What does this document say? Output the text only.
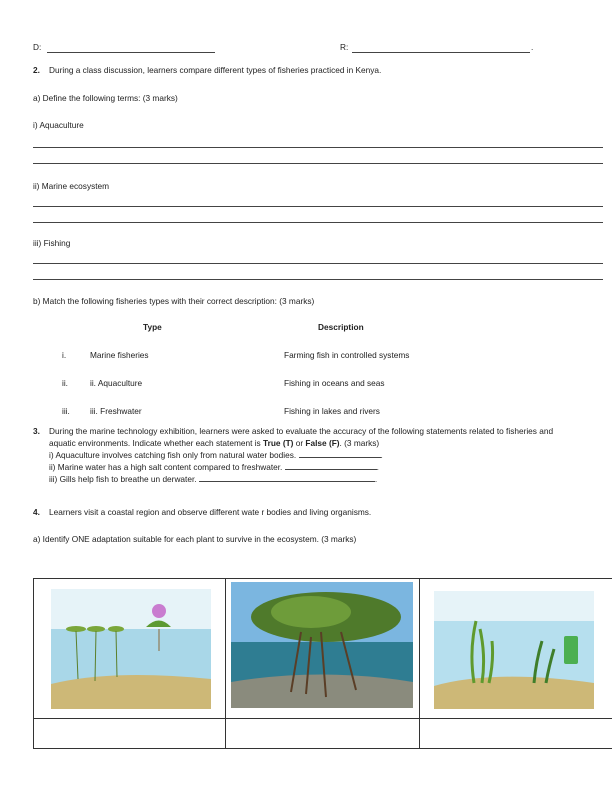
D:	R:	.
2. During a class discussion, learners compare different types of fisheries practiced in Kenya.
a) Define the following terms: (3 marks)
i) Aquaculture
ii) Marine ecosystem
iii) Fishing
b) Match the following fisheries types with their correct description: (3 marks)
Type	Description
i.	Marine fisheries	Farming fish in controlled systems
ii.	ii. Aquaculture	Fishing in oceans and seas
iii. iii. Freshwater	Fishing in lakes and rivers
3. During the marine technology exhibition, learners were asked to evaluate the accuracy of the following statements related to fisheries and
aquatic environments. Indicate whether each statement is True (T) or False (F). (3 marks)
i) Aquaculture involves catching fish only from natural water bodies.	.
ii) Marine water has a high salt content compared to freshwater.	.
iii) Gills help fish to breathe un derwater.	.
4. Learners visit a coastal region and observe different wate r bodies and living organisms.
a) Identify ONE adaptation suitable for each plant to survive in the ecosystem. (3 marks)
